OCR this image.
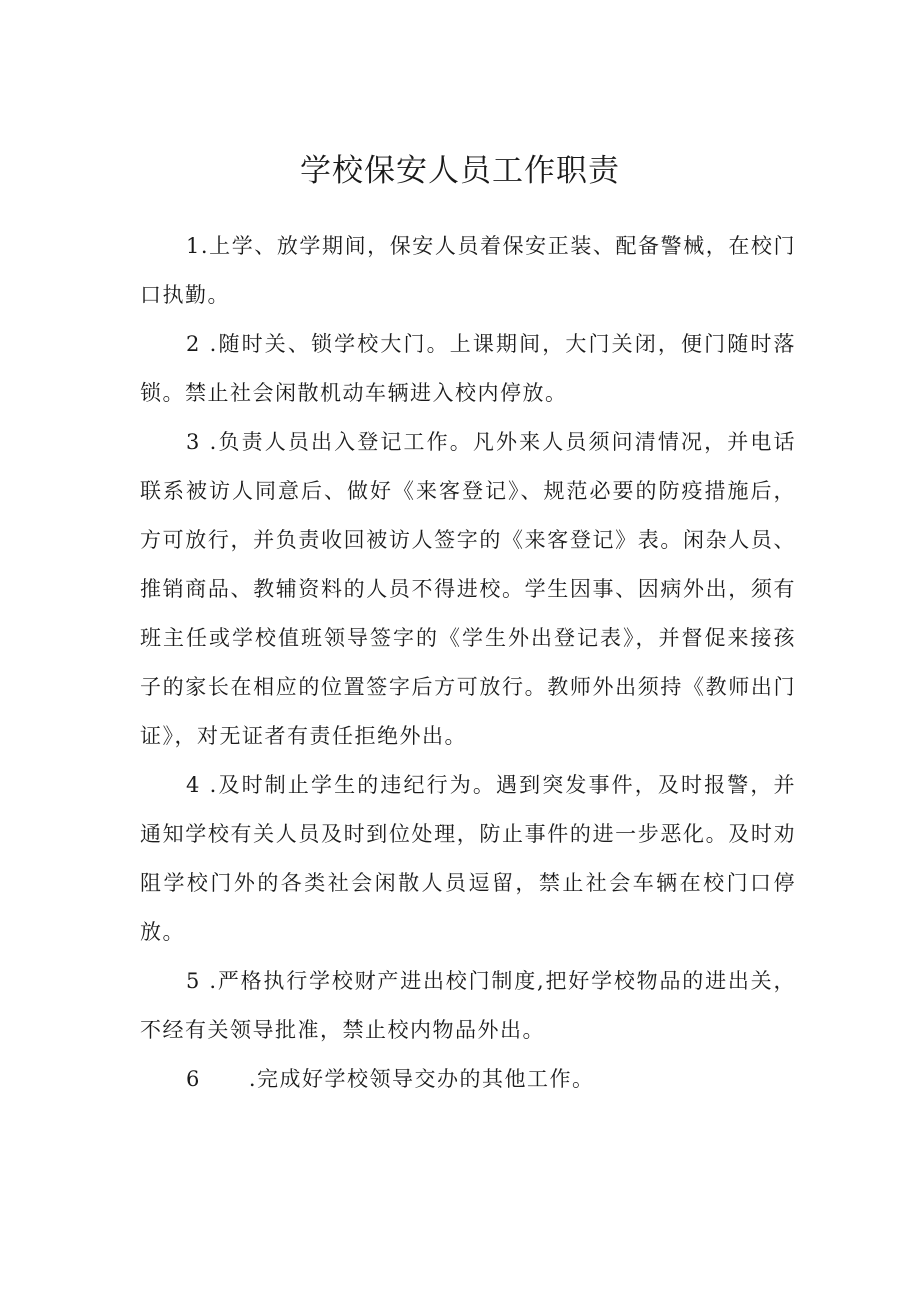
学校保安人员工作职责

1.上学、放学期间，保安人员着保安正装、配备警械，在校门口执勤。

2 .随时关、锁学校大门。上课期间，大门关闭，便门随时落锁。禁止社会闲散机动车辆进入校内停放。

3 .负责人员出入登记工作。凡外来人员须问清情况，并电话联系被访人同意后、做好《来客登记》、规范必要的防疫措施后，方可放行，并负责收回被访人签字的《来客登记》表。闲杂人员、推销商品、教辅资料的人员不得进校。学生因事、因病外出，须有班主任或学校值班领导签字的《学生外出登记表》，并督促来接孩子的家长在相应的位置签字后方可放行。教师外出须持《教师出门证》，对无证者有责任拒绝外出。

4 .及时制止学生的违纪行为。遇到突发事件，及时报警，并通知学校有关人员及时到位处理，防止事件的进一步恶化。及时劝阻学校门外的各类社会闲散人员逗留，禁止社会车辆在校门口停放。

5 .严格执行学校财产进出校门制度,把好学校物品的进出关，不经有关领导批准，禁止校内物品外出。

6 .完成好学校领导交办的其他工作。
